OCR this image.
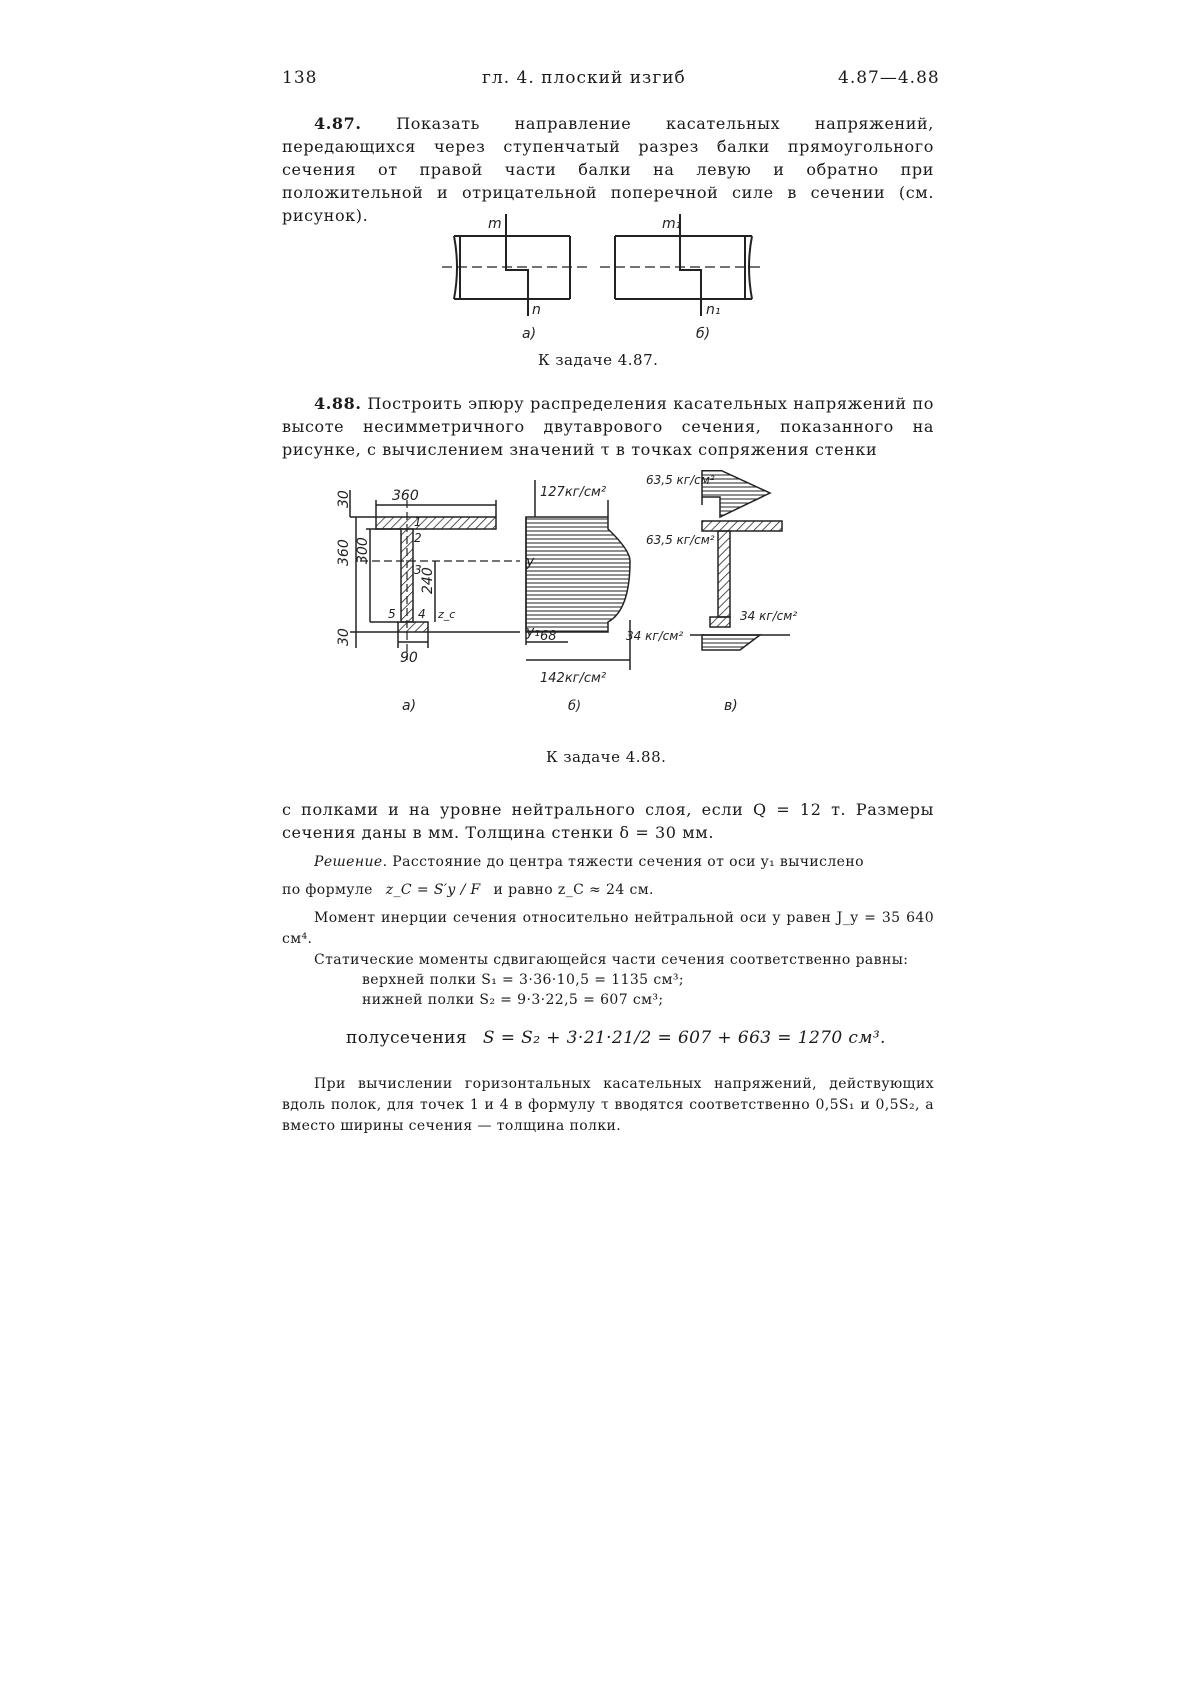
138	гл. 4. плоский изгиб	4.87—4.88
4.87. Показать направление касательных напряжений, передающихся через ступенчатый разрез балки прямоугольного сечения от правой части балки на левую и обратно при положительной и отрицательной поперечной силе в сечении (см. рисунок).	m
n
m₁
n₁
а)	б)
К задаче 4.87.
4.88. Построить эпюру распределения касательных напряжений по высоте несимметричного двутаврового сечения, показанного на рисунке, с вычислением значений τ в точках сопряжения стенки
360
30
360 300
30
90
240
z_c
1
2
3
4
5
а)
127кг/см²
142кг/см²
68
б)
63,5 кг/см²
63,5 кг/см²
34 кг/см²
34 кг/см²
в)
К задаче 4.88.
с полками и на уровне нейтрального слоя, если Q = 12 т. Размеры сечения даны в мм. Толщина стенки δ = 30 мм.
Решение. Расстояние до центра тяжести сечения от оси y₁ вычислено
по формуле z_C = S′y / F и равно z_C ≈ 24 см.
Момент инерции сечения относительно нейтральной оси y равен J_y = 35 640 см⁴.
Статические моменты сдвигающейся части сечения соответственно равны:
верхней полки S₁ = 3·36·10,5 = 1135 см³;
нижней полки S₂ = 9·3·22,5 = 607 см³;
полусечения S = S₂ + 3·21·21/2 = 607 + 663 = 1270 см³.
При вычислении горизонтальных касательных напряжений, действующих вдоль полок, для точек 1 и 4 в формулу τ вводятся соответственно 0,5S₁ и 0,5S₂, а вместо ширины сечения — толщина полки.
